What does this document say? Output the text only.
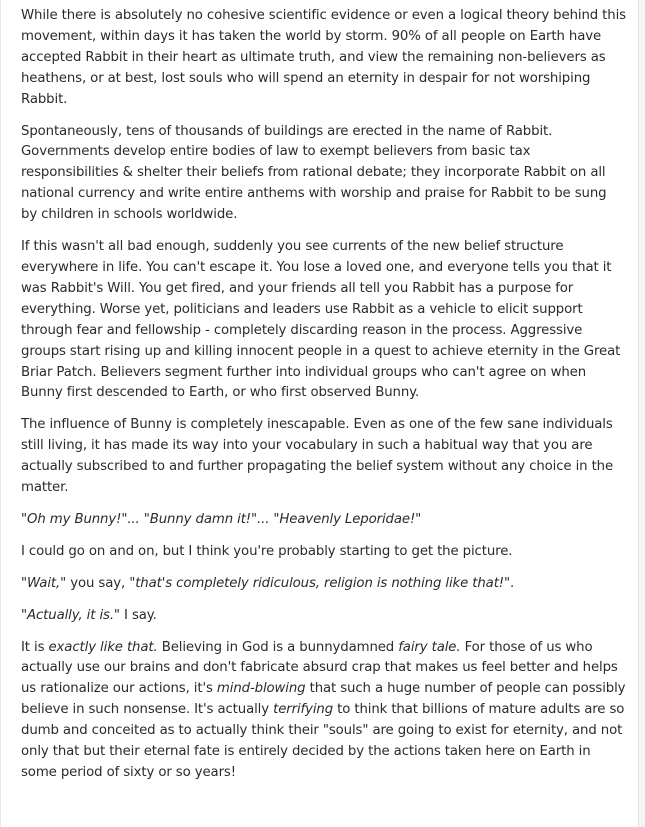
While there is absolutely no cohesive scientific evidence or even a logical theory behind this movement, within days it has taken the world by storm. 90% of all people on Earth have accepted Rabbit in their heart as ultimate truth, and view the remaining non-believers as heathens, or at best, lost souls who will spend an eternity in despair for not worshiping Rabbit.

Spontaneously, tens of thousands of buildings are erected in the name of Rabbit. Governments develop entire bodies of law to exempt believers from basic tax responsibilities & shelter their beliefs from rational debate; they incorporate Rabbit on all national currency and write entire anthems with worship and praise for Rabbit to be sung by children in schools worldwide.

If this wasn't all bad enough, suddenly you see currents of the new belief structure everywhere in life. You can't escape it. You lose a loved one, and everyone tells you that it was Rabbit's Will. You get fired, and your friends all tell you Rabbit has a purpose for everything. Worse yet, politicians and leaders use Rabbit as a vehicle to elicit support through fear and fellowship - completely discarding reason in the process. Aggressive groups start rising up and killing innocent people in a quest to achieve eternity in the Great Briar Patch. Believers segment further into individual groups who can't agree on when Bunny first descended to Earth, or who first observed Bunny.

The influence of Bunny is completely inescapable. Even as one of the few sane individuals still living, it has made its way into your vocabulary in such a habitual way that you are actually subscribed to and further propagating the belief system without any choice in the matter.

"Oh my Bunny!"... "Bunny damn it!"... "Heavenly Leporidae!"

I could go on and on, but I think you're probably starting to get the picture.

"Wait," you say, "that's completely ridiculous, religion is nothing like that!".

"Actually, it is." I say.

It is exactly like that. Believing in God is a bunnydamned fairy tale. For those of us who actually use our brains and don't fabricate absurd crap that makes us feel better and helps us rationalize our actions, it's mind-blowing that such a huge number of people can possibly believe in such nonsense. It's actually terrifying to think that billions of mature adults are so dumb and conceited as to actually think their "souls" are going to exist for eternity, and not only that but their eternal fate is entirely decided by the actions taken here on Earth in some period of sixty or so years!
